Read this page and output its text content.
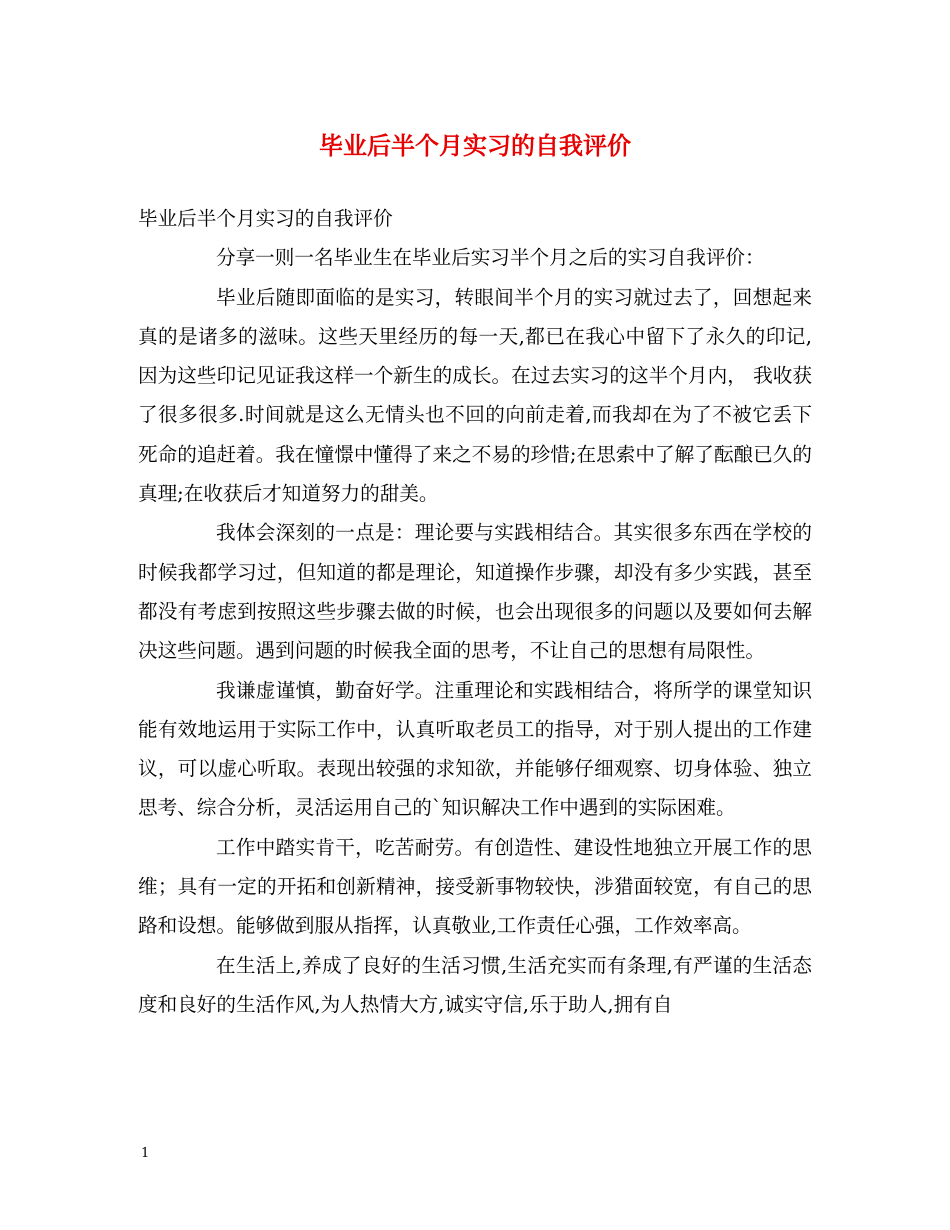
毕业后半个月实习的自我评价

毕业后半个月实习的自我评价

分享一则一名毕业生在毕业后实习半个月之后的实习自我评价：

毕业后随即面临的是实习，转眼间半个月的实习就过去了，回想起来真的是诸多的滋味。这些天里经历的每一天,都已在我心中留下了永久的印记,因为这些印记见证我这样一个新生的成长。在过去实习的这半个月内， 我收获了很多很多.时间就是这么无情头也不回的向前走着,而我却在为了不被它丢下死命的追赶着。我在憧憬中懂得了来之不易的珍惜;在思索中了解了酝酿已久的真理;在收获后才知道努力的甜美。

我体会深刻的一点是：理论要与实践相结合。其实很多东西在学校的时候我都学习过，但知道的都是理论，知道操作步骤，却没有多少实践，甚至都没有考虑到按照这些步骤去做的时候，也会出现很多的问题以及要如何去解决这些问题。遇到问题的时候我全面的思考，不让自己的思想有局限性。

我谦虚谨慎，勤奋好学。注重理论和实践相结合，将所学的课堂知识能有效地运用于实际工作中，认真听取老员工的指导，对于别人提出的工作建议，可以虚心听取。表现出较强的求知欲，并能够仔细观察、切身体验、独立思考、综合分析，灵活运用自己的`知识解决工作中遇到的实际困难。

工作中踏实肯干，吃苦耐劳。有创造性、建设性地独立开展工作的思维；具有一定的开拓和创新精神，接受新事物较快，涉猎面较宽，有自己的思路和设想。能够做到服从指挥，认真敬业,工作责任心强，工作效率高。

在生活上,养成了良好的生活习惯,生活充实而有条理,有严谨的生活态度和良好的生活作风,为人热情大方,诚实守信,乐于助人,拥有自

1
